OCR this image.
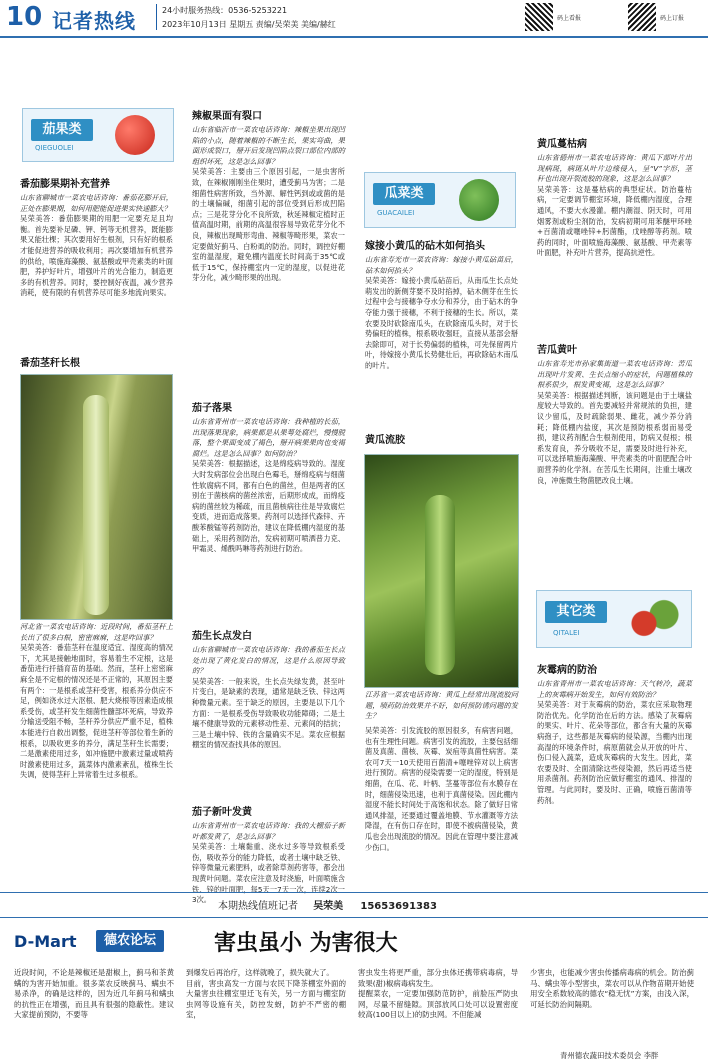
10 记者热线	24小时服务热线：0536-5253221
2023年10月13日 星期五 责编/吴荣美 美编/赫红
码上看报	码上订报
茄果类
QIEGUOLEI
番茄膨果期补充营养
山东省聊城市一菜农电话咨询：番茄花膨开后，正处在膨果期，如何用肥能促进果实快速膨大？
吴荣美答：番茄膨果期的用肥一定要充足且均衡。首先要补足磷、钾、钙等无机营养，既能膨果又能壮棵；其次要用好生根剂，只有好的根系才能促进营养的吸收利用；再次要增加有机营养的供给，喷施海藻酸、氨基酸或甲壳素类的叶面肥，养护好叶片，增强叶片的光合能力，制造更多的有机营养。同时，要控制好夜温，减少营养消耗，使有限的有机营养尽可能多地流向果实。
番茄茎秆长根
河北省一菜农电话咨询：近段时间，番茄茎秆上长出了很多白根，密密麻麻，这是咋回事？
吴荣美答：番茄茎秆在温度适宜、湿度高的情况下，尤其是接触地面时，容易着生不定根，这是番茄进行扦插育苗的基础。然而，茎秆上密密麻麻全是不定根的情况还是不正常的，其原因主要有两个：一是根系或茎秆受害，根系养分供应不足，例如浇水过大沤根、肥大烧根等因素造成根系受伤，或茎秆发生细菌性髓部坏死病，导致养分输送受阻不畅，茎秆养分供应严重不足，植株本能进行自救出调整，促进茎秆等部位着生新的根系，以吸收更多的养分，满足茎秆生长需要；二是激素使用过多，如冲施肥中激素过量或喷药时激素使用过多，蔬菜体内激素紊乱，植株生长失调，使得茎秆上异常着生过多根系。
辣椒果面有裂口
山东省临沂市一菜农电话咨询：辣椒坐果出现凹陷的小点，随着辣椒的不断生长，果实弯曲，果面形成裂口，掰开后发现凹陷点裂口部位内部的组织坏死，这是怎么回事？
吴荣美答：主要由三个原因引起，一是虫害所致，在辣椒刚刚坐住果时，遭受蓟马为害；二是细菌性病害所致，当外源、解性钙到或或菌的是的土壤偏碱，细菌引起的部位受到后形成凹陷点；三是花芽分化不良所致，秋延辣椒定植时正值高温时期，前期的高温很容易导致花芽分化不良，辣椒出现畸形弯曲、辣椒等畸形果，菜农一定要做好蓟马、白粉虱的防治。同时，调控好棚室的温湿度，避免棚内温度长时间高于35℃或低于15℃，保持棚室内一定的湿度，以促进花芽分化，减少畸形果的出现。
茄子落果
山东省青州市一菜农电话咨询：我种植的长茄，出现落果现象，病果都是从果萼处腐烂，慢慢脱落，整个果面变成了褐色，掰开病果果肉也变褐腐烂。这是怎么回事？如何防治？
吴荣美答：根据描述，这是绵疫病导致的。湿度大时发病部位会出现白色霉毛，掰绵疫病与细菌性软腐病不同，都有白色的菌丝，但是两者的区别在于菌核病的菌丝浓密，后期形成成，而绵疫病的菌丝较为稀疏，而且菌核病往往是导致腐烂变质，进而造成落果。药剂可以选择代森锌、卉酸苯酸锰等药剂防治，建议在降低棚内湿度的基础上，采用药剂防治，发病初期可喷洒普力克、甲霜灵、烯酰吗啉等药剂进行防治。
茄生长点发白
山东省聊城市一菜农电话咨询：我的番茄生长点处出现了黄化发白的情况，这是什么原因导致的？
吴荣美答：一般来说，生长点失绿发黄，甚至叶片变白，是缺素的表现，通常是缺乏铁、锌这两种微量元素。至于缺乏的原因，主要是以下几个方面：一是根系受伤导致吸收功能障碍；二是土壤不健康导致的元素移动性差、元素间的拮抗；三是土壤中锌、铁的含量确实不足。菜农应根据棚室的情况查找具体的原因。
茄子新叶发黄
山东省青州市一菜农电话咨询：我的大棚茄子新叶都发黄了，是怎么回事？
吴荣美答：土壤黏重、浇水过多等导致根系受伤，吸收养分的能力降低，或者土壤中缺乏铁、锌等微量元素肥料，或者除草剂药害等，都会出现黄叶问题。菜农应注意及时浇施，叶面喷施含铁、锌的叶面肥，每5天一7天一次，连续2次一3次。
瓜菜类
GUACAILEI
嫁接小黄瓜的砧木如何掐头
山东省寿光市一菜农咨询：嫁接小黄瓜砧苗后，砧木如何掐头？
吴荣美答：嫁接小黄瓜砧苗后，从南瓜生长点处萌发出的新侧芽要不及时掐掉，砧木侧芽在生长过程中会与接穗争夺水分和养分，由于砧木的争夺能力强于接穗，不利于接穗的生长。所以，菜农要及时砍除南瓜头，在砍除南瓜头时，对于长势偏旺的植株，根系吸收强旺，直接从基部会掰去除即可，对于长势偏弱的植株，可先保留两片叶，待嫁接小黄瓜长势健壮后，再砍除砧木南瓜的叶片。
黄瓜流胶
江苏省一菜农电话咨询：黄瓜上经常出现流胶问题，喷药防治效果并不好，如何预防诱问题的发生？
吴荣美答：引发流胶的原因很多，有病害问题，也有生理性问题。病害引发的流胶，主要包括细菌及真菌、菌核、灰霉、炭疽等真菌性病害。菜农可7天一10天使用百菌清+噻唑锌对以上病害进行预防。病害的侵染需要一定的湿度，特别是细菌，在瓜、花、叶柄、茎蔓等部位有水膜存在时，细菌侵染迅速，也利于真菌侵染。因此棚内湿度不能长时间处于高饱和状态。除了做好日常通风排湿，还要通过覆盖地膜、节水灌溉等方法降湿，在有伤口存在时，即使不被病菌侵染，黄瓜也会出现流胶的情况。因此在管理中要注意减少伤口。
黄瓜蔓枯病
山东省德州市一菜农电话咨询：黄瓜下部叶片出现病斑，病斑从叶片边缘侵入，呈“V”字形，茎秆也出现开裂流胶的现象，这是怎么回事？
吴荣美答：这是蔓枯病的典型症状。防治蔓枯病，一定要调节棚室环境，降低棚内湿度，合理通风，不要大水漫灌。棚内潮湿、阴天时，可用烟雾剂或粉尘剂防治，发病初期可用苯醚甲环唑+百菌清或噻唑锌+肟菌酯，戊唑醇等药剂。喷药的同时，叶面喷施海藻酸、氨基酸、甲壳素等叶面肥，补充叶片营养，提高抗逆性。
苦瓜黄叶
山东省寿光市孙家集街道一菜农电话咨询：苦瓜出现叶片发黄、生长点缩小的症状，问题植株的根系很少，根发黄变褐，这是怎么回事？
吴荣美答：根据描述判断，该问题是由于土壤盐度较大导致的。首先要减轻并常规浓的负担，建议少留瓜，及时疏除弱果、雌花，减少养分消耗；降低棚内盐度，其次是预防根系弱而易受损，建议药剂配合生根剂使用，防病又促根；根系发育良，养分吸收不足，需要及时进行补充，可以选择喷施海藻酸、甲壳素类的叶面肥配合叶面营养的化学剂。在苦瓜生长期间，注重土壤改良，冲施微生物菌肥改良土壤。
其它类
QITALEI
灰霉病的防治
山东省青州市一菜农电话咨询：天气转冷，蔬菜上的灰霉病开始发生，如何有效防治？
吴荣美答：对于灰霉病的防治，菜农应采取物理防治优先。化学防治在后的方法。感染了灰霉病的果实、叶片、花朵等部位，都含有大量的灰霉病孢子，这些都是灰霉病的侵染源，当棚内出现高湿的环境条件时，病原菌就会从开放的叶片、伤口侵入蔬菜，造成灰霉病的大发生。因此，菜农要及时、全面清除这些侵染源，然后再适当使用杀菌剂。药剂防治应做好棚室的通风、排湿的管理。与此同时，要及时、正确，喷施百菌清等药剂。
本期热线值班记者 吴荣美 15653691383
D-Mart	德农论坛	害虫虽小 为害很大
近段时间，不论是辣椒还是甜椒上，蓟马和茶黄螨的为害开始加重。很多菜农反映蓟马、螨虫不易杀净，的确是这样的，因为近几年蓟马和螨虫的抗性正在增强，而且具有很强的隐蔽性。建议大家提前预防，不要等
到爆发后再治疗，这样就晚了，损失就大了。
目前，害虫高发一方面与农民下降茶棚室外面的大量害虫往棚室里迁飞有关，另一方面与棚室防虫网等设施有关，防控发蚜，防护不严密的棚室，
害虫发生将更严重，部分虫体还携带病毒病，导致果(甜)椒病毒病发生。
提醒菜农，一定要加强防范防护，前脸压严防虫网，尽量不留缝隙。顶部放风口处可以设置密度较高(100目以上)的防虫网。不但能减
少害虫，也能减少害虫传播病毒病的机会。防治蓟马、螨虫等小型害虫，菜农可以从作物苗期开始使用安全系数较高的德农“稳无忧”方案，由浅入深，可延长防治间隔期。
青州德农蔬田技术委员会 李胖
